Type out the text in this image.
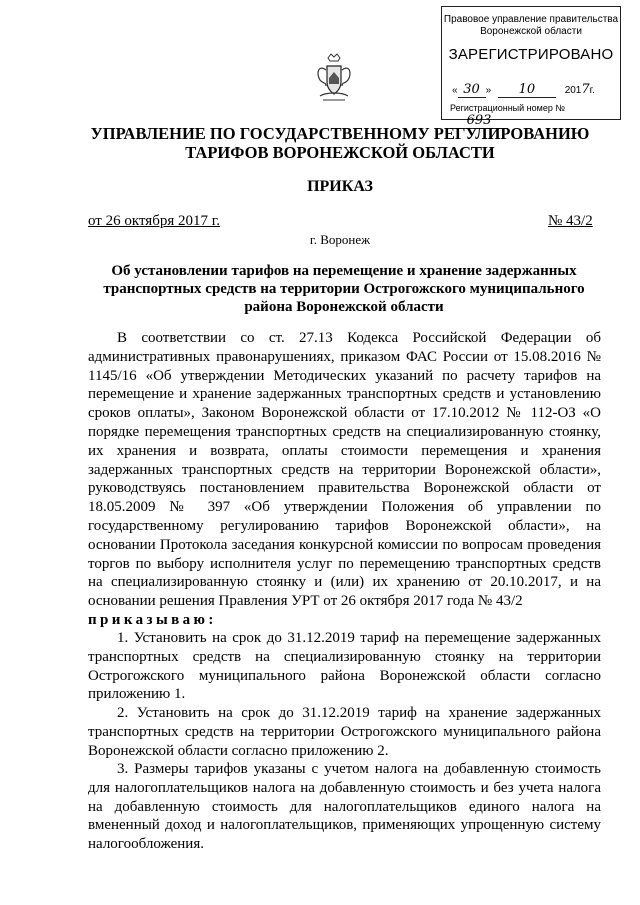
Правовое управление правительства
Воронежской области
ЗАРЕГИСТРИРОВАНО
« 30 » 10	2017г.
Регистрационный номер № 693
УПРАВЛЕНИЕ ПО ГОСУДАРСТВЕННОМУ РЕГУЛИРОВАНИЮ
ТАРИФОВ ВОРОНЕЖСКОЙ ОБЛАСТИ
ПРИКАЗ
от 26 октября 2017 г.	№ 43/2
г. Воронеж
Об установлении тарифов на перемещение и хранение задержанных
транспортных средств на территории Острогожского муниципального
района Воронежской области

В соответствии со ст. 27.13 Кодекса Российской Федерации об административных правонарушениях, приказом ФАС России от 15.08.2016 № 1145/16 «Об утверждении Методических указаний по расчету тарифов на перемещение и хранение задержанных транспортных средств и установлению сроков оплаты», Законом Воронежской области от 17.10.2012 № 112-ОЗ «О порядке перемещения транспортных средств на специализированную стоянку, их хранения и возврата, оплаты стоимости перемещения и хранения задержанных транспортных средств на территории Воронежской области», руководствуясь постановлением правительства Воронежской области от 18.05.2009 № 397 «Об утверждении Положения об управлении по государственному регулированию тарифов Воронежской области», на основании Протокола заседания конкурсной комиссии по вопросам проведения торгов по выбору исполнителя услуг по перемещению транспортных средств на специализированную стоянку и (или) их хранению от 20.10.2017, и на основании решения Правления УРТ от 26 октября 2017 года № 43/2
приказываю:

1. Установить на срок до 31.12.2019 тариф на перемещение задержанных транспортных средств на специализированную стоянку на территории Острогожского муниципального района Воронежской области согласно приложению 1.

2. Установить на срок до 31.12.2019 тариф на хранение задержанных транспортных средств на территории Острогожского муниципального района Воронежской области согласно приложению 2.

3. Размеры тарифов указаны с учетом налога на добавленную стоимость для налогоплательщиков налога на добавленную стоимость и без учета налога на добавленную стоимость для налогоплательщиков единого налога на вмененный доход и налогоплательщиков, применяющих упрощенную систему налогообложения.
